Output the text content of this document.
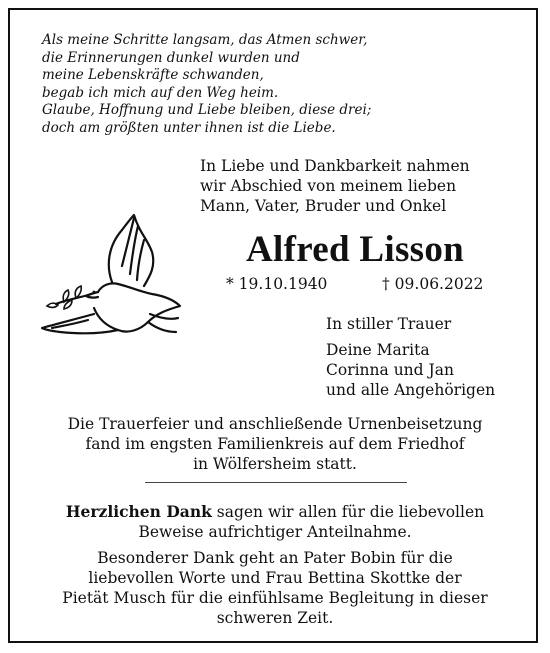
Als meine Schritte langsam, das Atmen schwer,
die Erinnerungen dunkel wurden und
meine Lebenskräfte schwanden,
begab ich mich auf den Weg heim.
Glaube, Hoffnung und Liebe bleiben, diese drei;
doch am größten unter ihnen ist die Liebe.
In Liebe und Dankbarkeit nahmen
wir Abschied von meinem lieben
Mann, Vater, Bruder und Onkel
Alfred Lisson
* 19.10.1940	† 09.06.2022
In stiller Trauer
Deine Marita
Corinna und Jan
und alle Angehörigen
Die Trauerfeier und anschließende Urnenbeisetzung
fand im engsten Familienkreis auf dem Friedhof
in Wölfersheim statt.
Herzlichen Dank sagen wir allen für die liebevollen
Beweise aufrichtiger Anteilnahme.
Besonderer Dank geht an Pater Bobin für die
liebevollen Worte und Frau Bettina Skottke der
Pietät Musch für die einfühlsame Begleitung in dieser
schweren Zeit.
